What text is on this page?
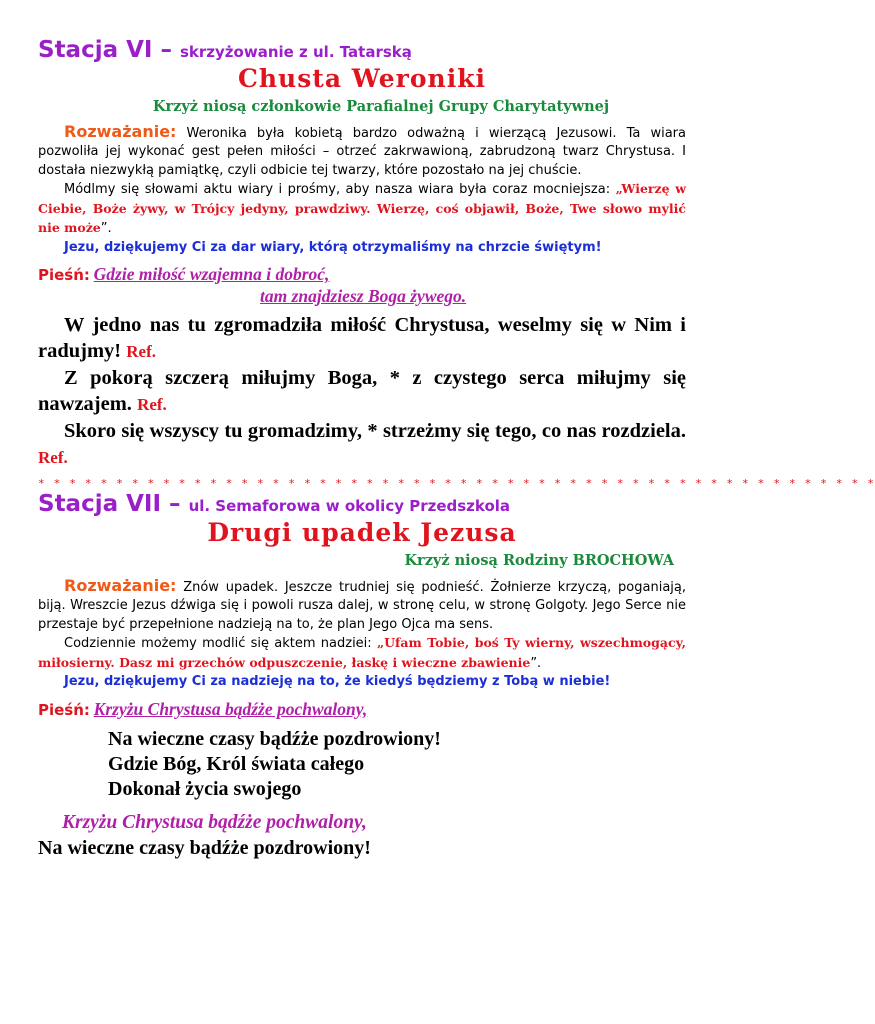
Stacja VI – skrzyżowanie z ul. Tatarską
Chusta Weroniki
Krzyż niosą członkowie Parafialnej Grupy Charytatywnej

Rozważanie: Weronika była kobietą bardzo odważną i wierzącą Jezusowi. Ta wiara pozwoliła jej wykonać gest pełen miłości – otrzeć zakrwawioną, zabrudzoną twarz Chrystusa. I dostała niezwykłą pamiątkę, czyli odbicie tej twarzy, które pozostało na jej chuście.

Módlmy się słowami aktu wiary i prośmy, aby nasza wiara była coraz mocniejsza: „Wierzę w Ciebie, Boże żywy, w Trójcy jedyny, prawdziwy. Wierzę, coś objawił, Boże, Twe słowo mylić nie może”.

Jezu, dziękujemy Ci za dar wiary, którą otrzymaliśmy na chrzcie świętym!

Pieśń: Gdzie miłość wzajemna i dobroć,
tam znajdziesz Boga żywego.

W jedno nas tu zgromadziła miłość Chrystusa, weselmy się w Nim i radujmy! Ref.

Z pokorą szczerą miłujmy Boga, * z czystego serca miłujmy się nawzajem. Ref.

Skoro się wszyscy tu gromadzimy, * strzeżmy się tego, co nas rozdziela. Ref.

* * * * * * * * * * * * * * * * * * * * * * * * * * * * * * * * * * * * * * * * * * * * * * * * * * * * * *
Stacja VII – ul. Semaforowa w okolicy Przedszkola
Drugi upadek Jezusa
Krzyż niosą Rodziny BROCHOWA

Rozważanie: Znów upadek. Jeszcze trudniej się podnieść. Żołnierze krzyczą, poganiają, biją. Wreszcie Jezus dźwiga się i powoli rusza dalej, w stronę celu, w stronę Golgoty. Jego Serce nie przestaje być przepełnione nadzieją na to, że plan Jego Ojca ma sens.

Codziennie możemy modlić się aktem nadziei: „Ufam Tobie, boś Ty wierny, wszechmogący, miłosierny. Dasz mi grzechów odpuszczenie, łaskę i wieczne zbawienie”.

Jezu, dziękujemy Ci za nadzieję na to, że kiedyś będziemy z Tobą w niebie!

Pieśń: Krzyżu Chrystusa bądźże pochwalony,
Na wieczne czasy bądźże pozdrowiony!
Gdzie Bóg, Król świata całego
Dokonał życia swojego
Krzyżu Chrystusa bądźże pochwalony,
Na wieczne czasy bądźże pozdrowiony!
